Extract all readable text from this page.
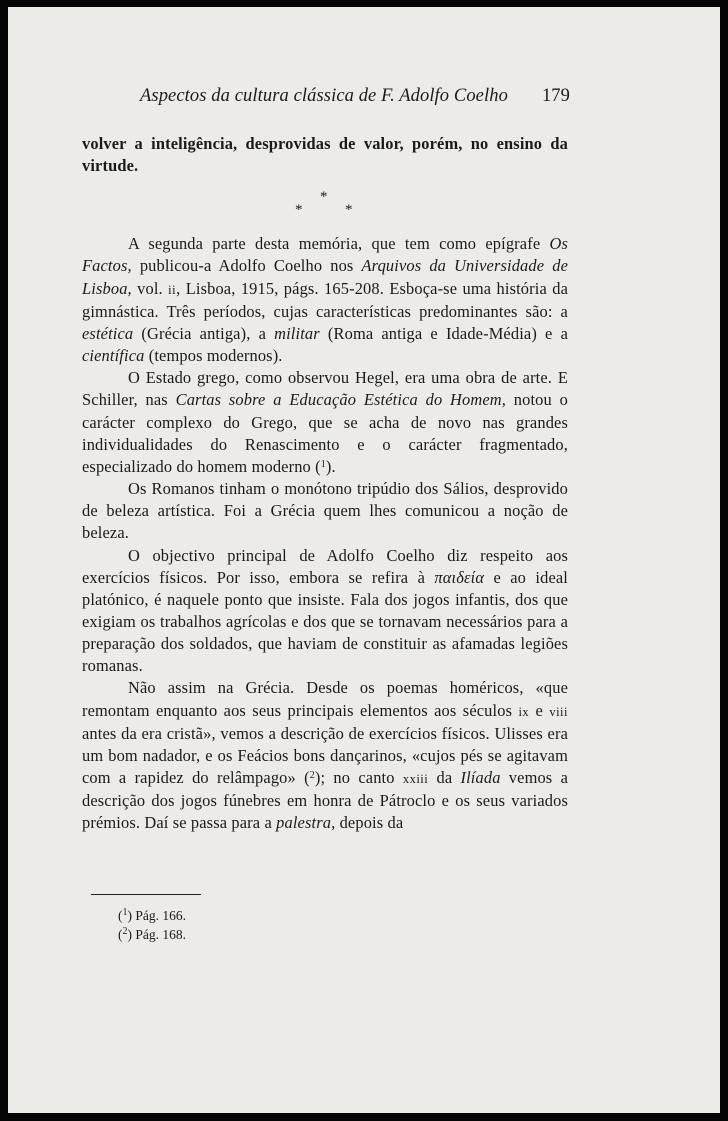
Aspectos da cultura clássica de F. Adolfo Coelho 179

volver a inteligência, desprovidas de valor, porém, no ensino da virtude.

*
*	*

A segunda parte desta memória, que tem como epígrafe Os Factos, publicou-a Adolfo Coelho nos Arquivos da Universidade de Lisboa, vol. ii, Lisboa, 1915, págs. 165-208. Esboça-se uma história da gimnástica. Três períodos, cujas características predominantes são: a estética (Grécia antiga), a militar (Roma antiga e Idade-Média) e a científica (tempos modernos).

O Estado grego, como observou Hegel, era uma obra de arte. E Schiller, nas Cartas sobre a Educação Estética do Homem, notou o carácter complexo do Grego, que se acha de novo nas grandes individualidades do Renascimento e o carácter fragmentado, especializado do homem moderno ($^1$).

Os Romanos tinham o monótono tripúdio dos Sálios, desprovido de beleza artística. Foi a Grécia quem lhes comunicou a noção de beleza.

O objectivo principal de Adolfo Coelho diz respeito aos exercícios físicos. Por isso, embora se refira à παιδεία e ao ideal platónico, é naquele ponto que insiste. Fala dos jogos infantis, dos que exigiam os trabalhos agrícolas e dos que se tornavam necessários para a preparação dos soldados, que haviam de constituir as afamadas legiões romanas.

Não assim na Grécia. Desde os poemas homéricos, «que remontam enquanto aos seus principais elementos aos séculos ix e viii antes da era cristã», vemos a descrição de exercícios físicos. Ulisses era um bom nadador, e os Feácios bons dançarinos, «cujos pés se agitavam com a rapidez do relâmpago» ($^2$); no canto xxiii da Ilíada vemos a descrição dos jogos fúnebres em honra de Pátroclo e os seus variados prémios. Daí se passa para a palestra, depois da

($^1$) Pág. 166.
($^2$) Pág. 168.
